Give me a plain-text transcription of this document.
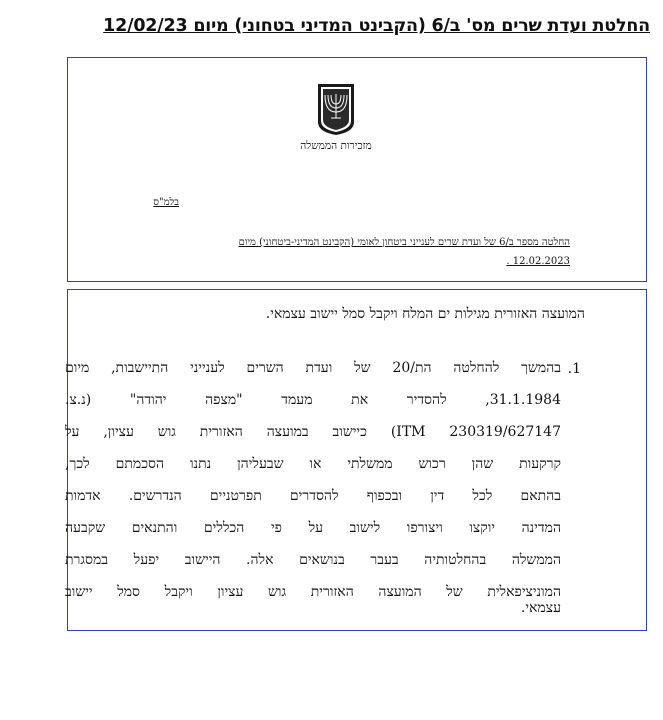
החלטת ועדת שרים מס' ב/6 (הקבינט המדיני בטחוני) מיום 12/02/23
מזכירות הממשלה
בלמ"ס
החלטה מספר ב/6 של ועדת שרים לענייני ביטחון לאומי (הקבינט המדיני-ביטחוני) מיום
12.02.2023 .
המועצה האזורית מגילות ים המלח ויקבל סמל יישוב עצמאי.
.1
בהמשך להחלטה הת/20 של ועדת השרים לענייני התיישבות, מיום
31.1.1984, להסדיר את מעמד "מצפה יהודה" (נ.צ.
ITM 230319/627147) כיישוב במועצה האזורית גוש עציון, על
קרקעות שהן רכוש ממשלתי או שבעליהן נתנו הסכמתם לכך,
בהתאם לכל דין ובכפוף להסדרים תפרטניים הנדרשים. אדמות
המדינה יוקצו ויצורפו לישוב על פי הכללים והתנאים שקבעה
הממשלה בהחלטותיה בעבר בנושאים אלה. היישוב יפעל במסגרת
המוניציפאלית של המועצה האזורית גוש עציון ויקבל סמל יישוב
עצמאי.
